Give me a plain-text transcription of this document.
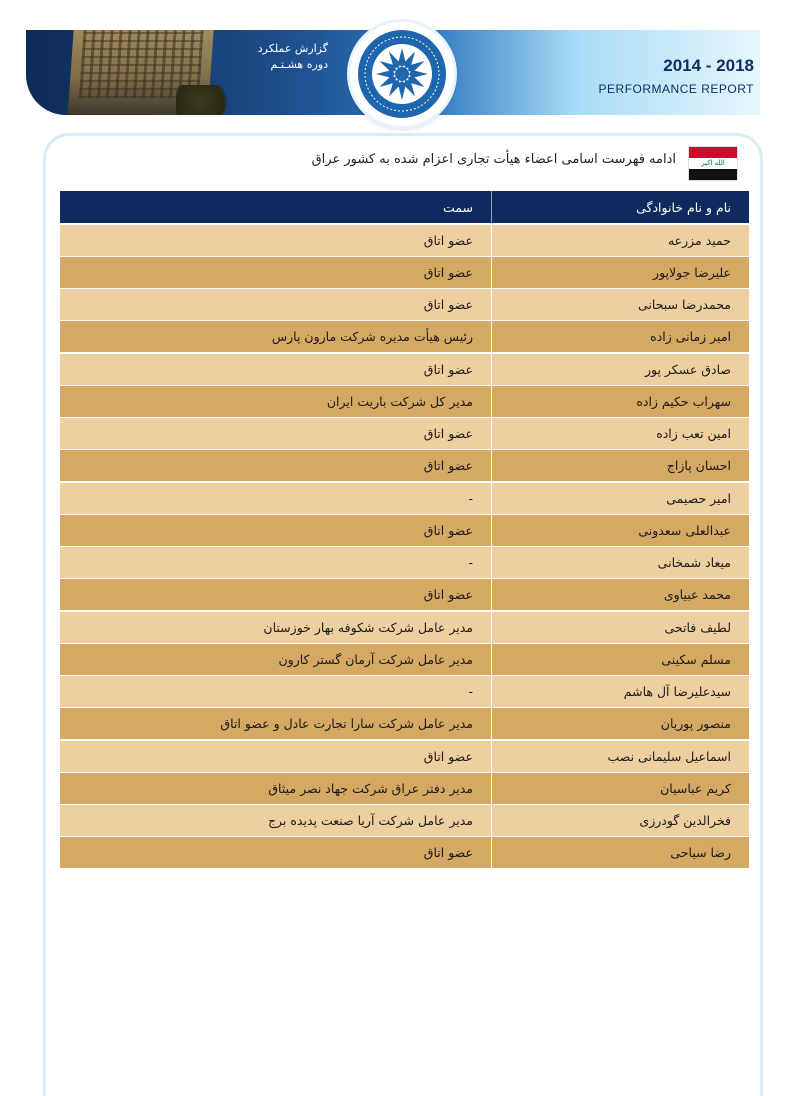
گزارش عملکرد
دوره هشـتـم	2014 - 2018
PERFORMANCE REPORT
الله اكبر
ادامه فهرست اسامی اعضاء هیأت تجاری اعزام شده به کشور عراق
سمت	نام و نام خانوادگی
عضو اتاق	حمید مزرعه
عضو اتاق	علیرضا جولاپور
عضو اتاق	محمدرضا سبحانی
رئیس هیأت مدیره شرکت مارون پارس	امیر زمانی زاده
عضو اتاق	صادق عسکر پور
مدیر کل شرکت باریت ایران	سهراب حکیم زاده
عضو اتاق	امین تعب زاده
عضو اتاق	احسان پازاج
-	امیر حصیمی
عضو اتاق	عبدالعلی سعدونی
-	میعاد شمخانی
عضو اتاق	محمد عبیاوی
مدیر عامل شرکت شکوفه بهار خوزستان	لطیف فاتحی
مدیر عامل شرکت آرمان گستر کارون	مسلم سکینی
-	سیدعلیرضا آل هاشم
مدیر عامل شرکت سارا تجارت عادل و عضو اتاق	منصور پوریان
عضو اتاق	اسماعیل سلیمانی نصب
مدیر دفتر عراق شرکت جهاد نصر میثاق	کریم عباسیان
مدیر عامل شرکت آریا صنعت پدیده برج	فخرالدین گودرزی
عضو اتاق	رضا سیاحی
